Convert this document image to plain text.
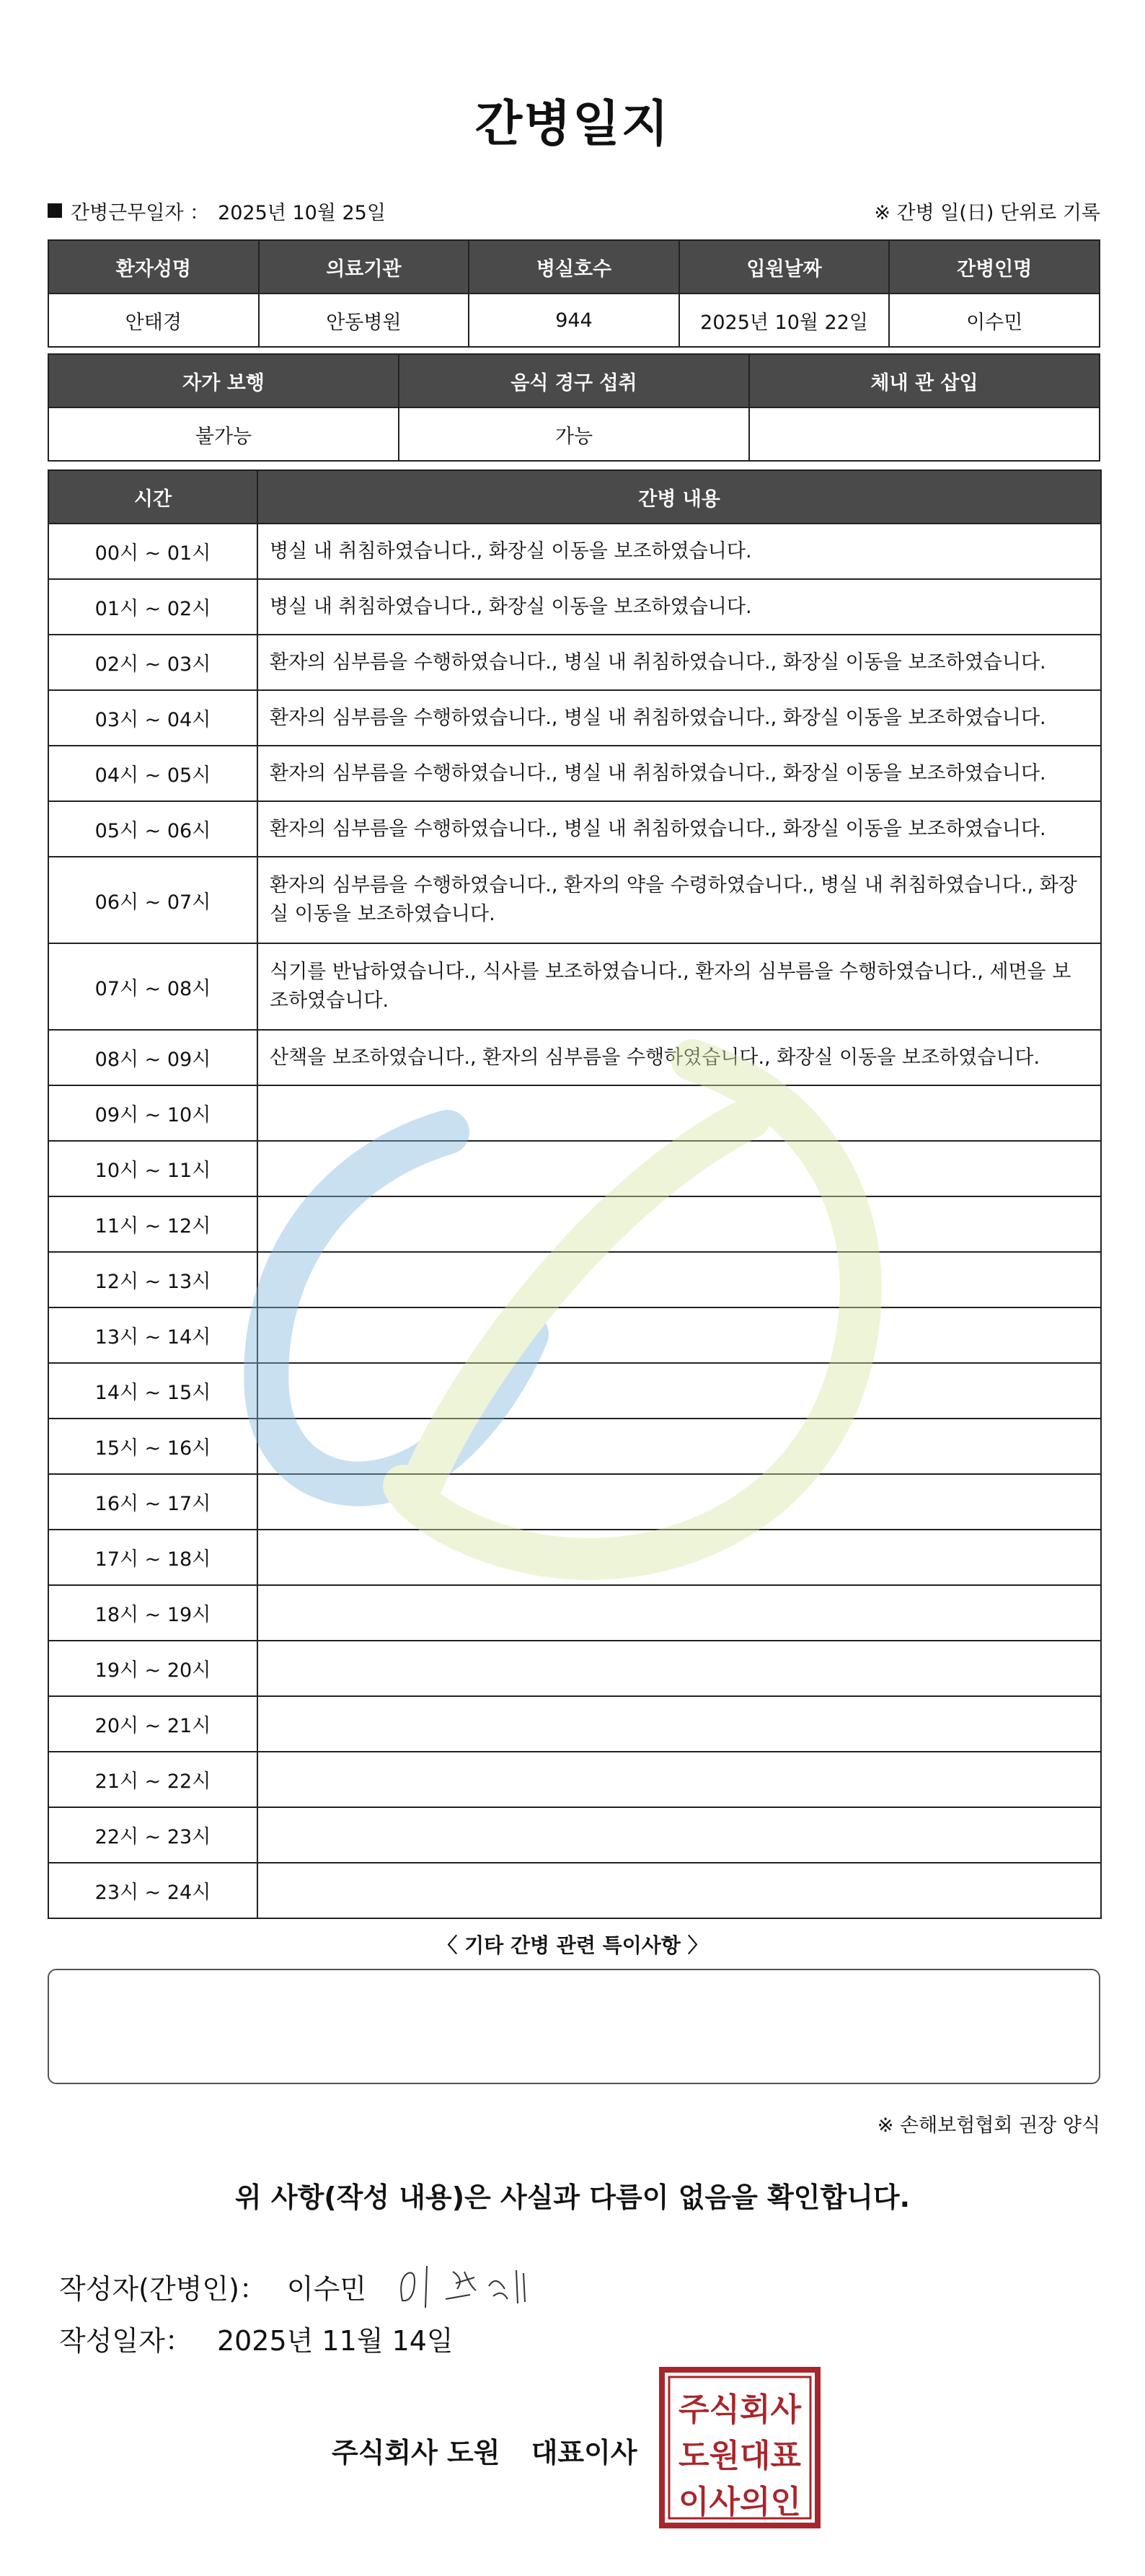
간병일지
간병근무일자 ： 2025년 10월 25일	※ 간병 일(日) 단위로 기록
환자성명	의료기관	병실호수	입원날짜	간병인명
안태경	안동병원	944	2025년 10월 22일	이수민
자가 보행	음식 경구 섭취	체내 관 삽입
불가능	가능	
시간	간병 내용
00시 ~ 01시	병실 내 취침하였습니다., 화장실 이동을 보조하였습니다.
01시 ~ 02시	병실 내 취침하였습니다., 화장실 이동을 보조하였습니다.
02시 ~ 03시	환자의 심부름을 수행하였습니다., 병실 내 취침하였습니다., 화장실 이동을 보조하였습니다.
03시 ~ 04시	환자의 심부름을 수행하였습니다., 병실 내 취침하였습니다., 화장실 이동을 보조하였습니다.
04시 ~ 05시	환자의 심부름을 수행하였습니다., 병실 내 취침하였습니다., 화장실 이동을 보조하였습니다.
05시 ~ 06시	환자의 심부름을 수행하였습니다., 병실 내 취침하였습니다., 화장실 이동을 보조하였습니다.
06시 ~ 07시	환자의 심부름을 수행하였습니다., 환자의 약을 수령하였습니다., 병실 내 취침하였습니다., 화장실 이동을 보조하였습니다.
07시 ~ 08시	식기를 반납하였습니다., 식사를 보조하였습니다., 환자의 심부름을 수행하였습니다., 세면을 보조하였습니다.
08시 ~ 09시	산책을 보조하였습니다., 환자의 심부름을 수행하였습니다., 화장실 이동을 보조하였습니다.
09시 ~ 10시	
10시 ~ 11시	
11시 ~ 12시	
12시 ~ 13시	
13시 ~ 14시	
14시 ~ 15시	
15시 ~ 16시	
16시 ~ 17시	
17시 ~ 18시	
18시 ~ 19시	
19시 ~ 20시	
20시 ~ 21시	
21시 ~ 22시	
22시 ~ 23시	
23시 ~ 24시	
〈 기타 간병 관련 특이사항 〉
※ 손해보험협회 권장 양식
위 사항(작성 내용)은 사실과 다름이 없음을 확인합니다.
작성자(간병인)： 이수민
작성일자： 2025년 11월 14일
주식회사 도원 대표이사
주식회사
도원대표
이사의인
